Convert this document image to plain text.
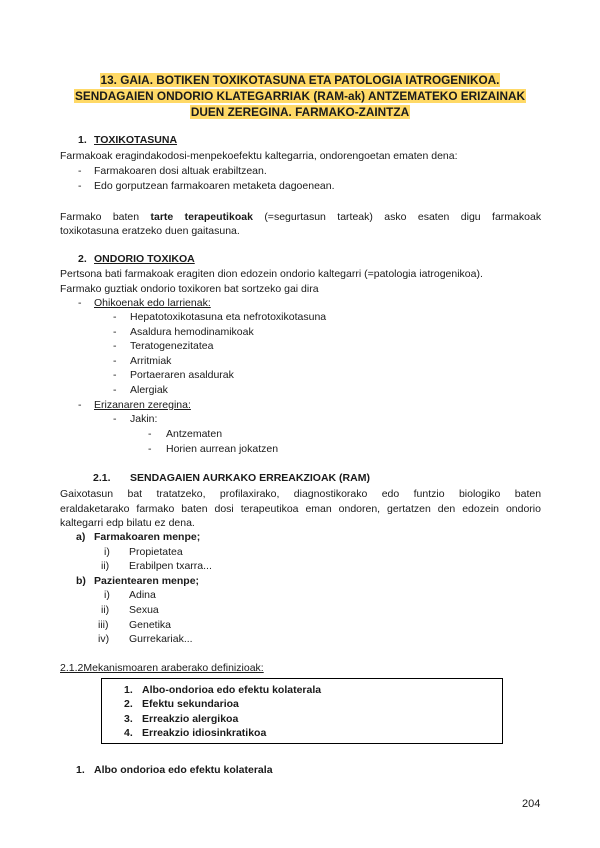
13. GAIA. BOTIKEN TOXIKOTASUNA ETA PATOLOGIA IATROGENIKOA.
SENDAGAIEN ONDORIO KLATEGARRIAK (RAM-ak) ANTZEMATEKO ERIZAINAK
DUEN ZEREGINA. FARMAKO-ZAINTZA
1. TOXIKOTASUNA
Farmakoak eragindakodosi-menpekoefektu kaltegarria, ondorengoetan ematen dena:
- Farmakoaren dosi altuak erabiltzean.
- Edo gorputzean farmakoaren metaketa dagoenean.
Farmako baten tarte terapeutikoak (=segurtasun tarteak) asko esaten digu farmakoak
toxikotasuna eratzeko duen gaitasuna.
2. ONDORIO TOXIKOA
Pertsona bati farmakoak eragiten dion edozein ondorio kaltegarri (=patologia iatrogenikoa).
Farmako guztiak ondorio toxikoren bat sortzeko gai dira
- Ohikoenak edo larrienak:
- Hepatotoxikotasuna eta nefrotoxikotasuna
- Asaldura hemodinamikoak
- Teratogenezitatea
- Arritmiak
- Portaeraren asaldurak
- Alergiak
- Erizanaren zeregina:
- Jakin:
- Antzematen
- Horien aurrean jokatzen
2.1. SENDAGAIEN AURKAKO ERREAKZIOAK (RAM)
Gaixotasun bat tratatzeko, profilaxirako, diagnostikorako edo funtzio biologiko baten
eraldaketarako farmako baten dosi terapeutikoa eman ondoren, gertatzen den edozein ondorio
kaltegarri edp bilatu ez dena.
a) Farmakoaren menpe;
i) Propietatea
ii) Erabilpen txarra...
b) Pazientearen menpe;
i) Adina
ii) Sexua
iii) Genetika
iv) Gurrekariak...
2.1.2Mekanismoaren araberako definizioak:
1. Albo-ondorioa edo efektu kolaterala
2. Efektu sekundarioa
3. Erreakzio alergikoa
4. Erreakzio idiosinkratikoa
1. Albo ondorioa edo efektu kolaterala
204
